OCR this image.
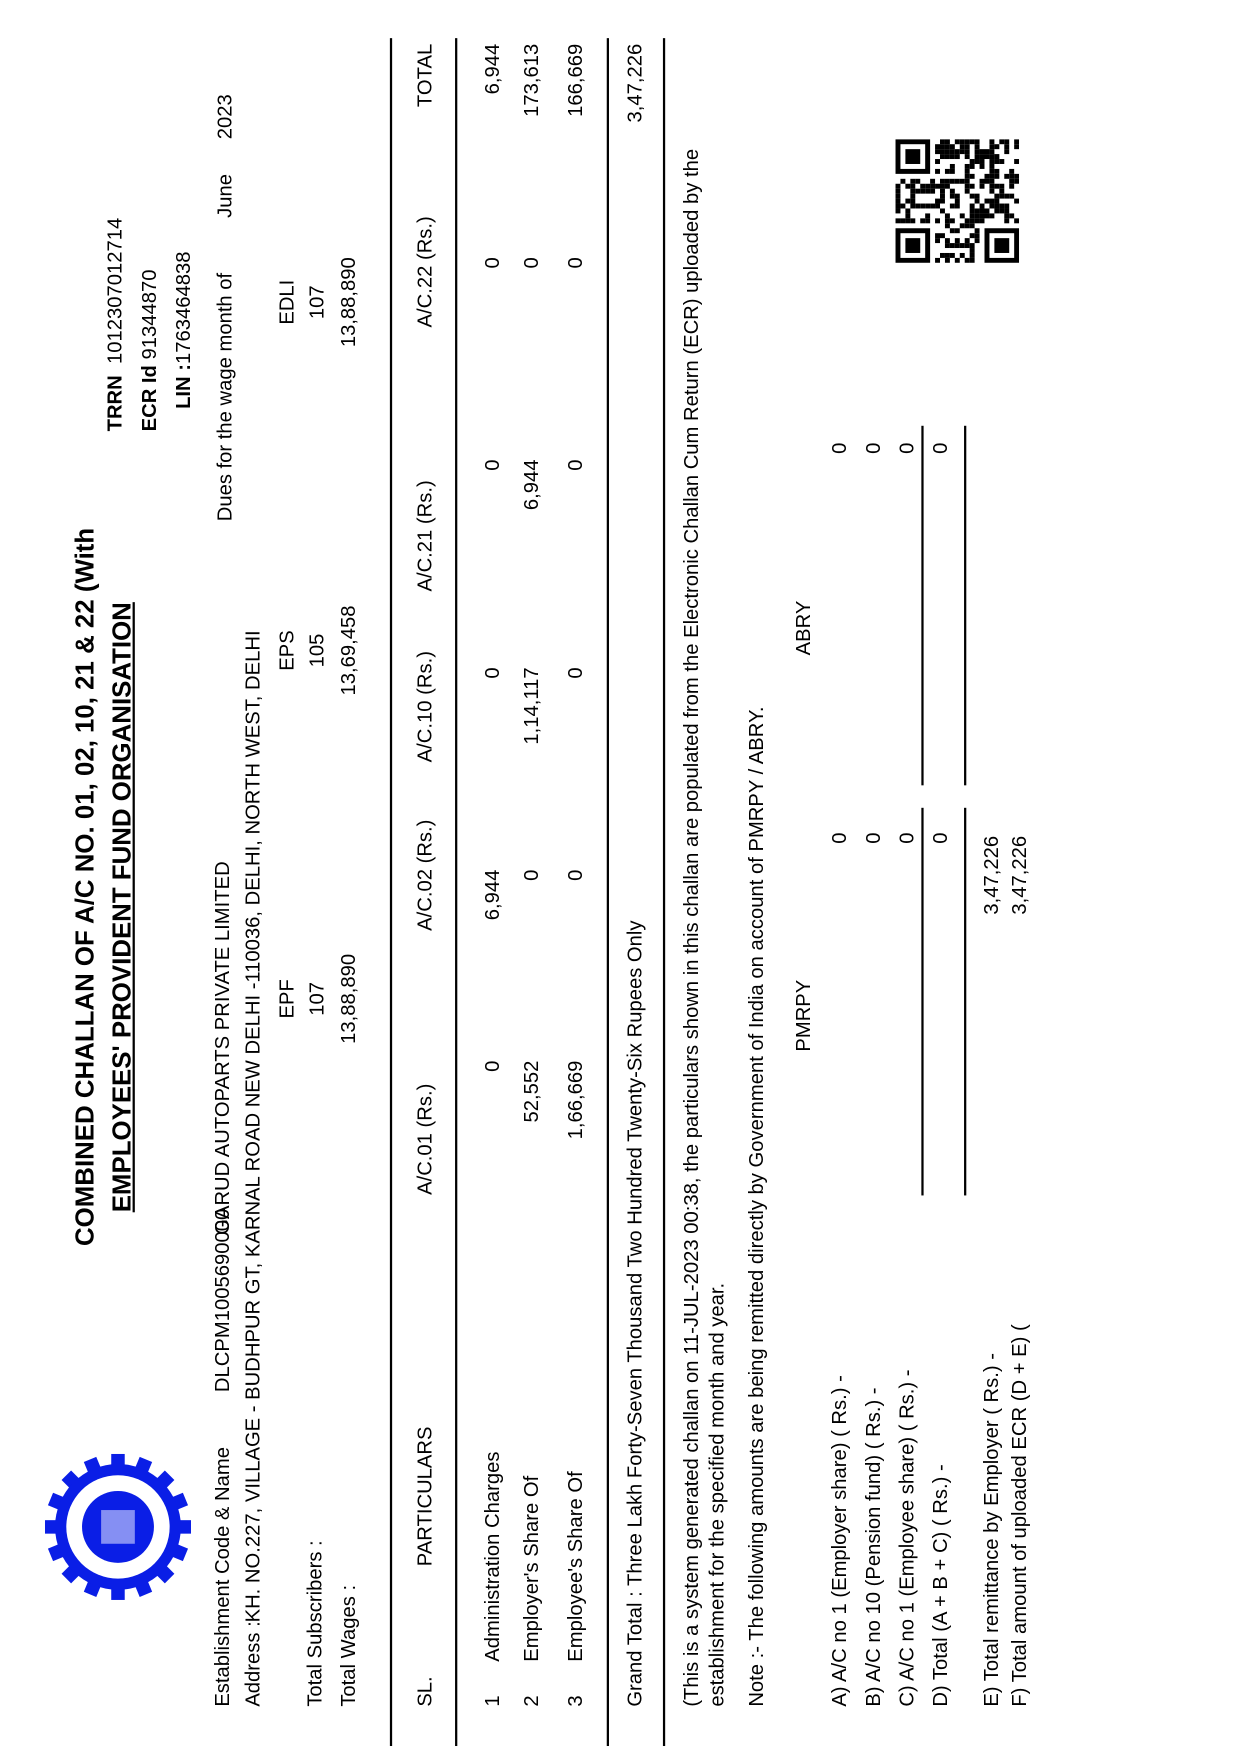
COMBINED CHALLAN OF A/C NO. 01, 02, 10, 21 & 22 (With EMPLOYEES' PROVIDENT FUND ORGANISATION
TRRN  1012307012714
ECR Id 91344870
LIN :1763464838
Establishment Code & Name
DLCPM1005690000
GARUD AUTOPARTS PRIVATE LIMITED
Dues for the wage month of
June
2023
Address :
KH. NO.227, VILLAGE - BUDHPUR GT, KARNAL ROAD NEW DELHI -110036, DELHI, NORTH WEST, DELHI
Total Subscribers : Total Wages :
EPF 107 13,88,890
EPS 105 13,69,458
EDLI 107 13,88,890
SL.
PARTICULARS
A/C.01 (Rs.)
A/C.02 (Rs.)
A/C.10 (Rs.)
A/C.21 (Rs.)
A/C.22 (Rs.)
TOTAL
1
Administration Charges
0
6,944
0
0
0
6,944
2
Employer's Share Of
52,552
0
1,14,117
6,944
0
173,613
3
Employee's Share Of
1,66,669
0
0
0
0
166,669
Grand Total : Three Lakh Forty-Seven Thousand Two Hundred Twenty-Six Rupees Only
3,47,226
(This is a system generated challan on 11-JUL-2023 00:38, the particulars shown in this challan are populated from the Electronic Challan Cum Return (ECR) uploaded by the establishment for the specified month and year. Note :- The following amounts are being remitted directly by Government of India on account of PMRPY / ABRY. PMRPY
ABRY
A) A/C no 1 (Employer share) ( Rs.) -
0
0
B) A/C no 10 (Pension fund) ( Rs.) -
0
0
C) A/C no 1 (Employee share) ( Rs.) -
0
0
D) Total (A + B + C) ( Rs.) -
0
0
E) Total remittance by Employer ( Rs.) -
3,47,226
F) Total amount of uploaded ECR (D + E) (
3,47,226
